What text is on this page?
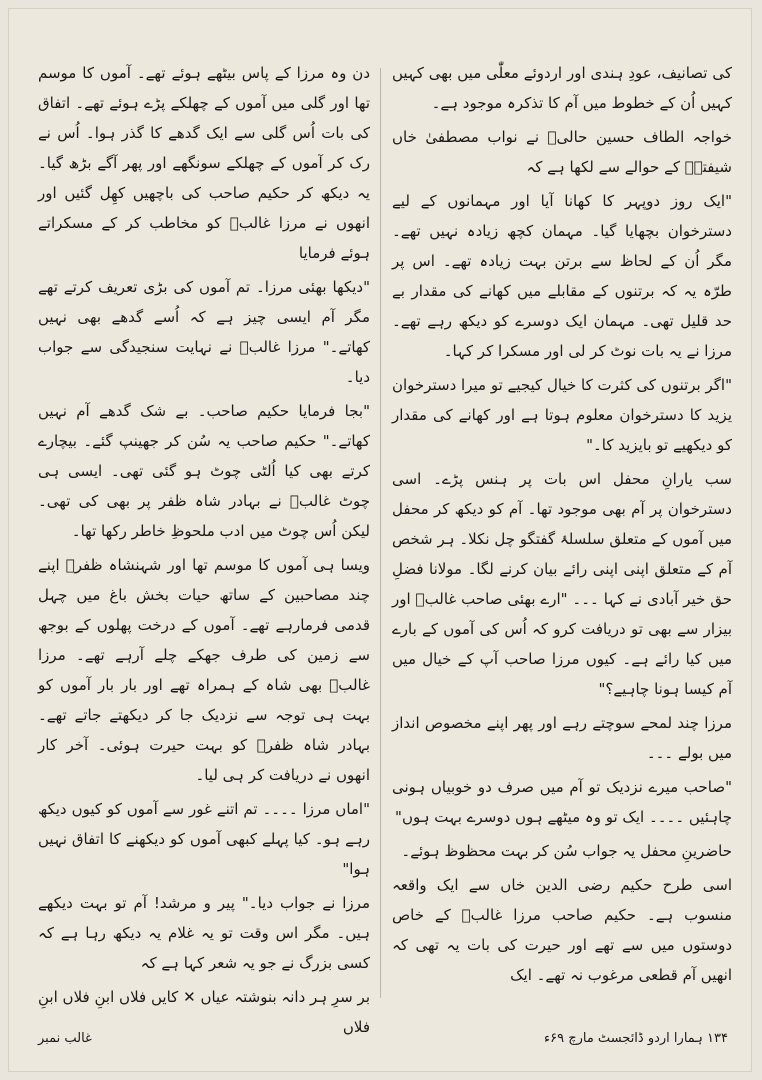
کی تصانیف، عودِ ہندی اور اردوئے معلّٰی میں بھی کہیں کہیں اُن کے خطوط میں آم کا تذکرہ موجود ہے۔

خواجہ الطاف حسین حالیؔ نے نواب مصطفیٰ خاں شیفتہؔ کے حوالے سے لکھا ہے کہ

"ایک روز دوپہر کا کھانا آیا اور مہمانوں کے لیے دسترخوان بچھایا گیا۔ مہمان کچھ زیادہ نہیں تھے۔ مگر اُن کے لحاظ سے برتن بہت زیادہ تھے۔ اس پر طرّہ یہ کہ برتنوں کے مقابلے میں کھانے کی مقدار بے حد قلیل تھی۔ مہمان ایک دوسرے کو دیکھ رہے تھے۔ مرزا نے یہ بات نوٹ کر لی اور مسکرا کر کہا۔

"اگر برتنوں کی کثرت کا خیال کیجیے تو میرا دسترخوان یزید کا دسترخوان معلوم ہوتا ہے اور کھانے کی مقدار کو دیکھیے تو بایزید کا۔"

سب یارانِ محفل اس بات پر ہنس پڑے۔ اسی دسترخوان پر آم بھی موجود تھا۔ آم کو دیکھ کر محفل میں آموں کے متعلق سلسلۂ گفتگو چل نکلا۔ ہر شخص آم کے متعلق اپنی اپنی رائے بیان کرنے لگا۔ مولانا فضلِ حق خیر آبادی نے کہا ۔۔۔ "ارے بھئی صاحب غالبؔ اور بیزار سے بھی تو دریافت کرو کہ اُس کی آموں کے بارے میں کیا رائے ہے۔ کیوں مرزا صاحب آپ کے خیال میں آم کیسا ہونا چاہیے؟"

مرزا چند لمحے سوچتے رہے اور پھر اپنے مخصوص انداز میں بولے ۔۔۔

"صاحب میرے نزدیک تو آم میں صرف دو خوبیاں ہونی چاہئیں ۔۔۔۔ ایک تو وہ میٹھے ہوں دوسرے بہت ہوں"

حاضرینِ محفل یہ جواب سُن کر بہت محظوظ ہوئے۔

اسی طرح حکیم رضی الدین خاں سے ایک واقعہ منسوب ہے۔ حکیم صاحب مرزا غالبؔ کے خاص دوستوں میں سے تھے اور حیرت کی بات یہ تھی کہ انھیں آم قطعی مرغوب نہ تھے۔ ایک

دن وہ مرزا کے پاس بیٹھے ہوئے تھے۔ آموں کا موسم تھا اور گلی میں آموں کے چھلکے پڑے ہوئے تھے۔ اتفاق کی بات اُس گلی سے ایک گدھے کا گذر ہوا۔ اُس نے رک کر آموں کے چھلکے سونگھے اور پھر آگے بڑھ گیا۔ یہ دیکھ کر حکیم صاحب کی باچھیں کھِل گئیں اور انھوں نے مرزا غالبؔ کو مخاطب کر کے مسکراتے ہوئے فرمایا

"دیکھا بھئی مرزا۔ تم آموں کی بڑی تعریف کرتے تھے مگر آم ایسی چیز ہے کہ اُسے گدھے بھی نہیں کھاتے۔" مرزا غالبؔ نے نہایت سنجیدگی سے جواب دیا۔

"بجا فرمایا حکیم صاحب۔ بے شک گدھے آم نہیں کھاتے۔" حکیم صاحب یہ سُن کر جھینپ گئے۔ بیچارے کرتے بھی کیا اُلٹی چوٹ ہو گئی تھی۔ ایسی ہی چوٹ غالبؔ نے بہادر شاہ ظفر پر بھی کی تھی۔ لیکن اُس چوٹ میں ادب ملحوظِ خاطر رکھا تھا۔

ویسا ہی آموں کا موسم تھا اور شہنشاہ ظفرؔ اپنے چند مصاحبین کے ساتھ حیات بخش باغ میں چہل قدمی فرمارہے تھے۔ آموں کے درخت پھلوں کے بوجھ سے زمین کی طرف جھکے چلے آرہے تھے۔ مرزا غالبؔ بھی شاہ کے ہمراہ تھے اور بار بار آموں کو بہت ہی توجہ سے نزدیک جا کر دیکھتے جاتے تھے۔ بہادر شاہ ظفرؔ کو بہت حیرت ہوئی۔ آخر کار انھوں نے دریافت کر ہی لیا۔

"اماں مرزا ۔۔۔۔ تم اتنے غور سے آموں کو کیوں دیکھ رہے ہو۔ کیا پہلے کبھی آموں کو دیکھنے کا اتفاق نہیں ہوا"

مرزا نے جواب دیا۔" پیر و مرشد! آم تو بہت دیکھے ہیں۔ مگر اس وقت تو یہ غلام یہ دیکھ رہا ہے کہ کسی بزرگ نے جو یہ شعر کہا ہے کہ

بر سرِ ہر دانہ بنوشتہ عیاں ✕ کایں فلاں ابنِ فلاں ابنِ فلاں

۱۳۴ ہمارا اردو ڈائجسٹ مارچ ۶۹ء
غالب نمبر
